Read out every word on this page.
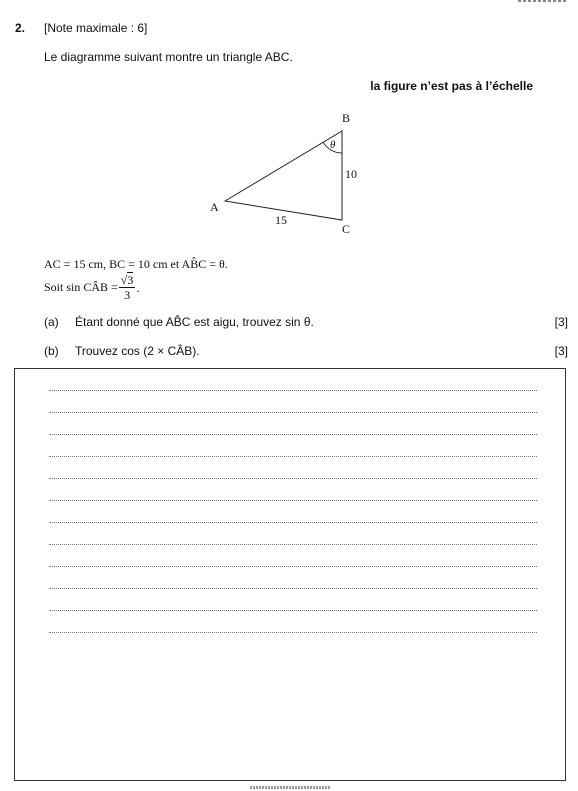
2. [Note maximale : 6]
Le diagramme suivant montre un triangle ABC.
la figure n’est pas à l’échelle
A
B
C
15
10
θ
AC = 15 cm, BC = 10 cm et AB̂C = θ.
Soit sin CÂB = $\frac{√3}{3}$ .
(a) Étant donné que AB̂C est aigu, trouvez sin θ.	[3]
(b) Trouvez cos (2 × CÂB).	[3]
